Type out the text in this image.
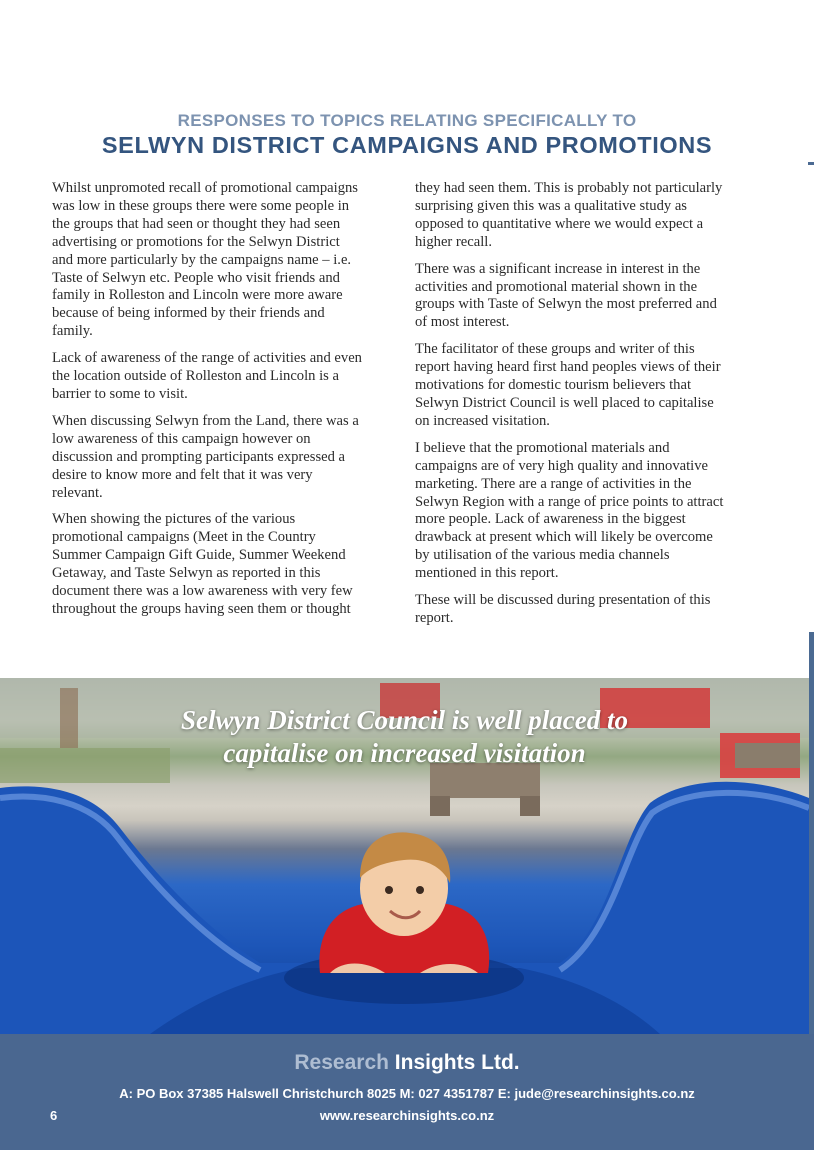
RESPONSES TO TOPICS RELATING SPECIFICALLY TO
SELWYN DISTRICT CAMPAIGNS AND PROMOTIONS

Whilst unpromoted recall of promotional campaigns was low in these groups there were some people in the groups that had seen or thought they had seen advertising or promotions for the Selwyn District and more particularly by the campaigns name – i.e. Taste of Selwyn etc. People who visit friends and family in Rolleston and Lincoln were more aware because of being informed by their friends and family.

Lack of awareness of the range of activities and even the location outside of Rolleston and Lincoln is a barrier to some to visit.

When discussing Selwyn from the Land, there was a low awareness of this campaign however on discussion and prompting participants expressed a desire to know more and felt that it was very relevant.

When showing the pictures of the various promotional campaigns (Meet in the Country Summer Campaign Gift Guide, Summer Weekend Getaway, and Taste Selwyn as reported in this document there was a low awareness with very few throughout the groups having seen them or thought

they had seen them. This is probably not particularly surprising given this was a qualitative study as opposed to quantitative where we would expect a higher recall.

There was a significant increase in interest in the activities and promotional material shown in the groups with Taste of Selwyn the most preferred and of most interest.

The facilitator of these groups and writer of this report having heard first hand peoples views of their motivations for domestic tourism believers that Selwyn District Council is well placed to capitalise on increased visitation.

I believe that the promotional materials and campaigns are of very high quality and innovative marketing. There are a range of activities in the Selwyn Region with a range of price points to attract more people. Lack of awareness in the biggest drawback at present which will likely be overcome by utilisation of the various media channels mentioned in this report.

These will be discussed during presentation of this report.

Selwyn District Council is well placed to
capitalise on increased visitation
Research Insights Ltd.
A: PO Box 37385 Halswell Christchurch 8025 M: 027 4351787 E: jude@researchinsights.co.nz
www.researchinsights.co.nz
6
